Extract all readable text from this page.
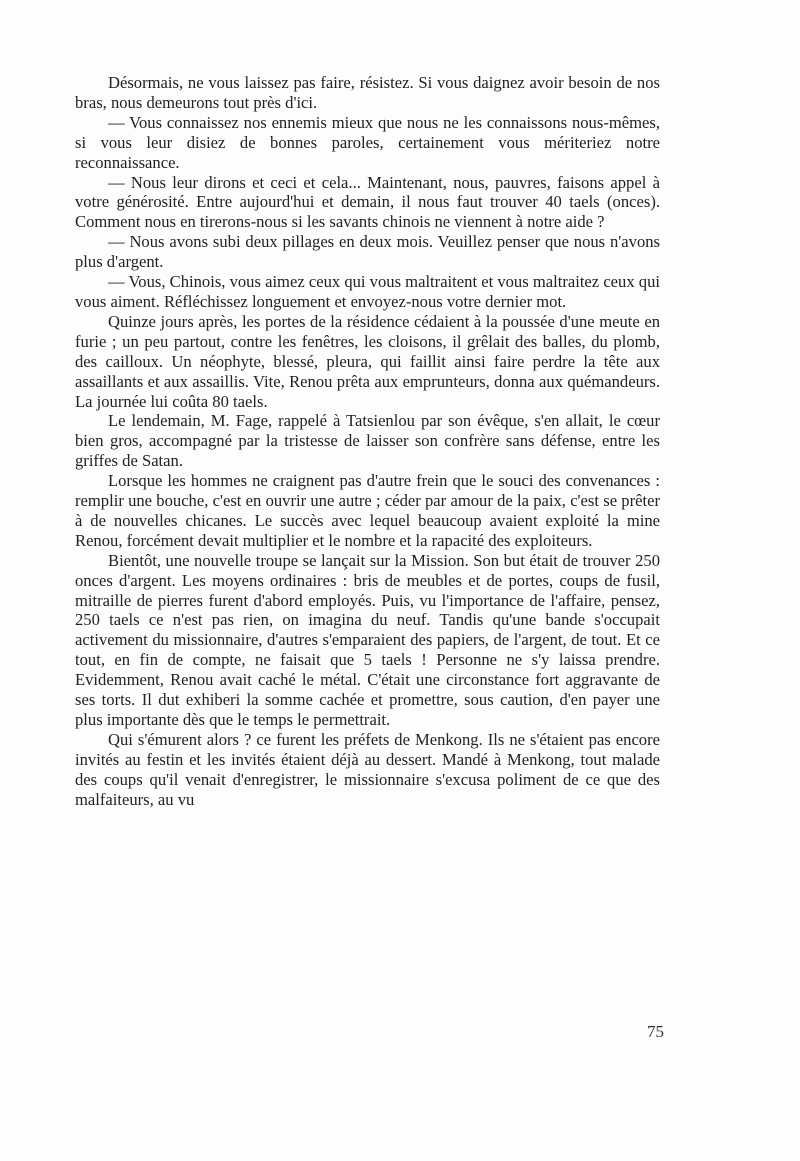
Désormais, ne vous laissez pas faire, résistez. Si vous daignez avoir besoin de nos bras, nous demeurons tout près d'ici.

— Vous connaissez nos ennemis mieux que nous ne les connaissons nous-mêmes, si vous leur disiez de bonnes paroles, certainement vous mériteriez notre reconnaissance.

— Nous leur dirons et ceci et cela... Maintenant, nous, pauvres, faisons appel à votre générosité. Entre aujourd'hui et demain, il nous faut trouver 40 taels (onces). Comment nous en tirerons-nous si les savants chinois ne viennent à notre aide ?

— Nous avons subi deux pillages en deux mois. Veuillez penser que nous n'avons plus d'argent.

— Vous, Chinois, vous aimez ceux qui vous maltraitent et vous maltraitez ceux qui vous aiment. Réfléchissez longuement et envoyez-nous votre dernier mot.

Quinze jours après, les portes de la résidence cédaient à la poussée d'une meute en furie ; un peu partout, contre les fenêtres, les cloisons, il grêlait des balles, du plomb, des cailloux. Un néophyte, blessé, pleura, qui faillit ainsi faire perdre la tête aux assaillants et aux assaillis. Vite, Renou prêta aux emprunteurs, donna aux quémandeurs. La journée lui coûta 80 taels.

Le lendemain, M. Fage, rappelé à Tatsienlou par son évêque, s'en allait, le cœur bien gros, accompagné par la tristesse de laisser son confrère sans défense, entre les griffes de Satan.

Lorsque les hommes ne craignent pas d'autre frein que le souci des convenances : remplir une bouche, c'est en ouvrir une autre ; céder par amour de la paix, c'est se prêter à de nouvelles chicanes. Le succès avec lequel beaucoup avaient exploité la mine Renou, forcément devait multiplier et le nombre et la rapacité des exploiteurs.

Bientôt, une nouvelle troupe se lançait sur la Mission. Son but était de trouver 250 onces d'argent. Les moyens ordinaires : bris de meubles et de portes, coups de fusil, mitraille de pierres furent d'abord employés. Puis, vu l'importance de l'affaire, pensez, 250 taels ce n'est pas rien, on imagina du neuf. Tandis qu'une bande s'occupait activement du missionnaire, d'autres s'emparaient des papiers, de l'argent, de tout. Et ce tout, en fin de compte, ne faisait que 5 taels ! Personne ne s'y laissa prendre. Evidemment, Renou avait caché le métal. C'était une circonstance fort aggravante de ses torts. Il dut exhiberi la somme cachée et promettre, sous caution, d'en payer une plus importante dès que le temps le permettrait.

Qui s'émurent alors ? ce furent les préfets de Menkong. Ils ne s'étaient pas encore invités au festin et les invités étaient déjà au dessert. Mandé à Menkong, tout malade des coups qu'il venait d'enregistrer, le missionnaire s'excusa poliment de ce que des malfaiteurs, au vu

75
